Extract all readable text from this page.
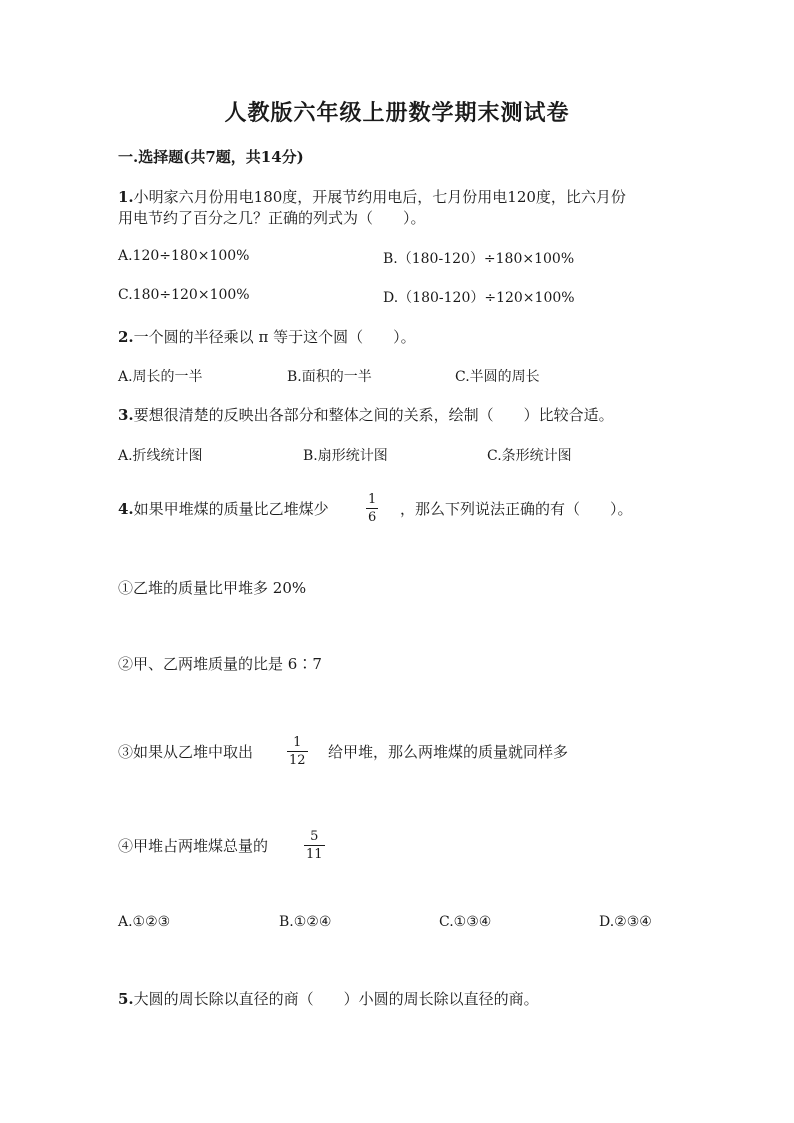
人教版六年级上册数学期末测试卷
一.选择题(共7题，共14分)
1.小明家六月份用电180度，开展节约用电后，七月份用电120度，比六月份
用电节约了百分之几？正确的列式为（　　）。
A.120÷180×100%	B.（180-120）÷180×100%
C.180÷120×100%	D.（180-120）÷120×100%
2.一个圆的半径乘以 π 等于这个圆（　　）。
A.周长的一半	B.面积的一半	C.半圆的周长
3.要想很清楚的反映出各部分和整体之间的关系，绘制（　　）比较合适。
A.折线统计图	B.扇形统计图	C.条形统计图
4.如果甲堆煤的质量比乙堆煤少
1
6 ，那么下列说法正确的有（　　）。
①乙堆的质量比甲堆多 20%
②甲、乙两堆质量的比是 6∶7
③如果从乙堆中取出
1
12 给甲堆，那么两堆煤的质量就同样多
④甲堆占两堆煤总量的
5
11
A.①②③	B.①②④	C.①③④	D.②③④
5.大圆的周长除以直径的商（　　）小圆的周长除以直径的商。
